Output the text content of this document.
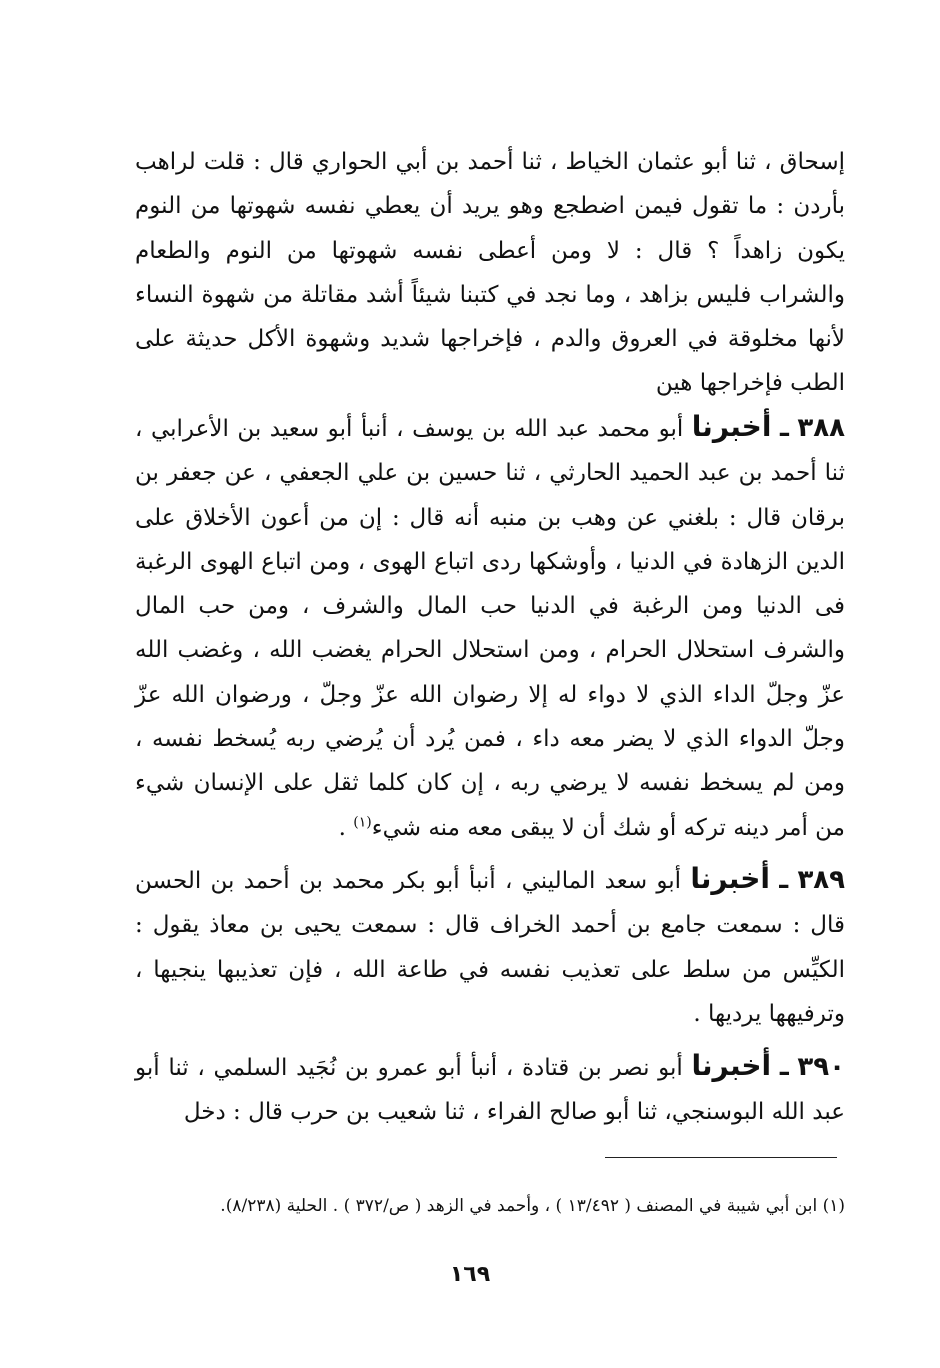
إسحاق ، ثنا أبو عثمان الخياط ، ثنا أحمد بن أبي الحواري قال : قلت لراهب بأردن : ما تقول فيمن اضطجع وهو يريد أن يعطي نفسه شهوتها من النوم يكون زاهداً ؟ قال : لا ومن أعطى نفسه شهوتها من النوم والطعام والشراب فليس بزاهد ، وما نجد في كتبنا شيئاً أشد مقاتلة من شهوة النساء لأنها مخلوقة في العروق والدم ، فإخراجها شديد وشهوة الأكل حديثة على الطب فإخراجها هين
٣٨٨ ـ أخبرنا أبو محمد عبد الله بن يوسف ، أنبأ أبو سعيد بن الأعرابي ، ثنا أحمد بن عبد الحميد الحارثي ، ثنا حسين بن علي الجعفي ، عن جعفر بن برقان قال : بلغني عن وهب بن منبه أنه قال : إن من أعون الأخلاق على الدين الزهادة في الدنيا ، وأوشكها ردى اتباع الهوى ، ومن اتباع الهوى الرغبة فى الدنيا ومن الرغبة في الدنيا حب المال والشرف ، ومن حب المال والشرف استحلال الحرام ، ومن استحلال الحرام يغضب الله ، وغضب الله عزّ وجلّ الداء الذي لا دواء له إلا رضوان الله عزّ وجلّ ، ورضوان الله عزّ وجلّ الدواء الذي لا يضر معه داء ، فمن يُرد أن يُرضي ربه يُسخط نفسه ، ومن لم يسخط نفسه لا يرضي ربه ، إن كان كلما ثقل على الإنسان شيء من أمر دينه تركه أو شك أن لا يبقى معه منه شيء$^{(١)}$ .
٣٨٩ ـ أخبرنا أبو سعد الماليني ، أنبأ أبو بكر محمد بن أحمد بن الحسن قال : سمعت جامع بن أحمد الخراف قال : سمعت يحيى بن معاذ يقول : الكيِّس من سلط على تعذيب نفسه في طاعة الله ، فإن تعذيبها ينجيها ، وترفيهها يرديها .
٣٩٠ ـ أخبرنا أبو نصر بن قتادة ، أنبأ أبو عمرو بن نُجَيد السلمي ، ثنا أبو عبد الله البوسنجي، ثنا أبو صالح الفراء ، ثنا شعيب بن حرب قال : دخل
(١) ابن أبي شيبة في المصنف ( ١٣/٤٩٢ ) ، وأحمد في الزهد ( ص/٣٧٢ ) . الحلية (٨/٢٣٨).
١٦٩
